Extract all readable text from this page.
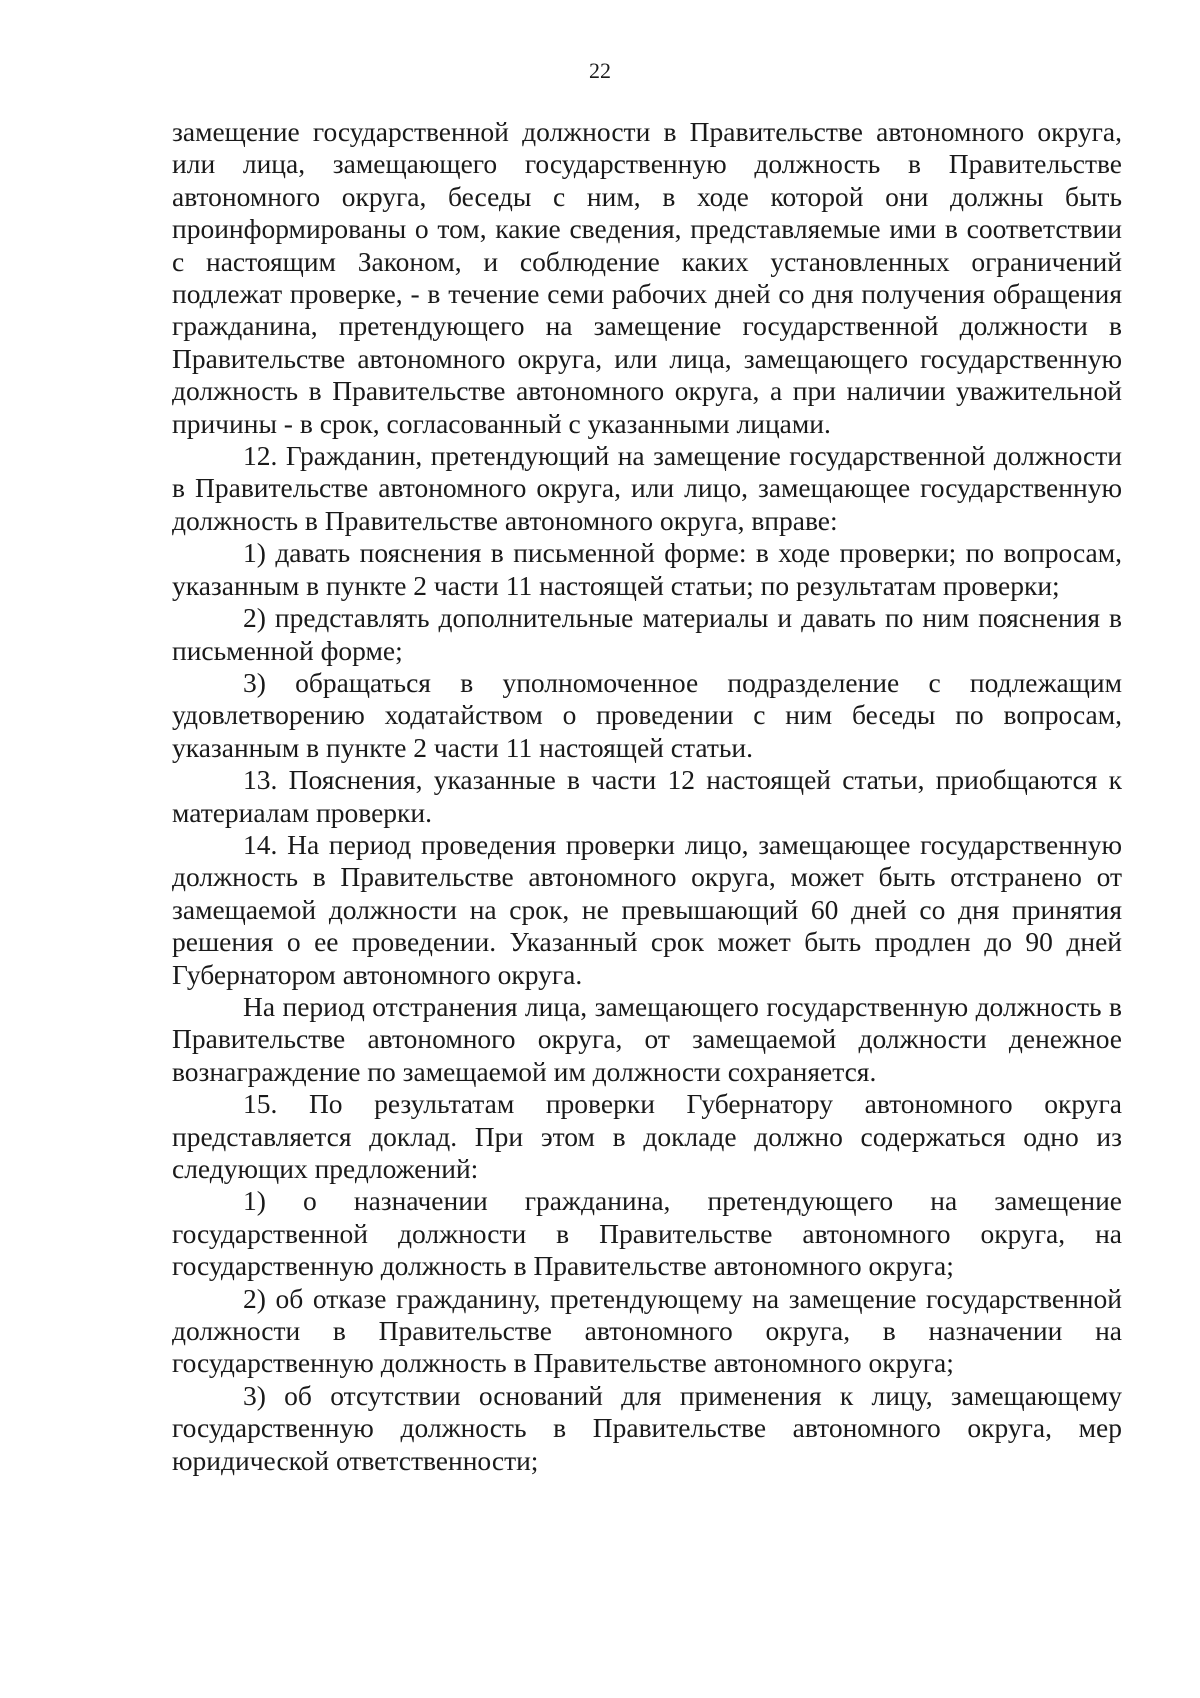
22

замещение государственной должности в Правительстве автономного округа, или лица, замещающего государственную должность в Правительстве автономного округа, беседы с ним, в ходе которой они должны быть проинформированы о том, какие сведения, представляемые ими в соответствии с настоящим Законом, и соблюдение каких установленных ограничений подлежат проверке, - в течение семи рабочих дней со дня получения обращения гражданина, претендующего на замещение государственной должности в Правительстве автономного округа, или лица, замещающего государственную должность в Правительстве автономного округа, а при наличии уважительной причины - в срок, согласованный с указанными лицами.

12. Гражданин, претендующий на замещение государственной должности в Правительстве автономного округа, или лицо, замещающее государственную должность в Правительстве автономного округа, вправе:

1) давать пояснения в письменной форме: в ходе проверки; по вопросам, указанным в пункте 2 части 11 настоящей статьи; по результатам проверки;

2) представлять дополнительные материалы и давать по ним пояснения в письменной форме;

3) обращаться в уполномоченное подразделение с подлежащим удовлетворению ходатайством о проведении с ним беседы по вопросам, указанным в пункте 2 части 11 настоящей статьи.

13. Пояснения, указанные в части 12 настоящей статьи, приобщаются к материалам проверки.

14. На период проведения проверки лицо, замещающее государственную должность в Правительстве автономного округа, может быть отстранено от замещаемой должности на срок, не превышающий 60 дней со дня принятия решения о ее проведении. Указанный срок может быть продлен до 90 дней Губернатором автономного округа.

На период отстранения лица, замещающего государственную должность в Правительстве автономного округа, от замещаемой должности денежное вознаграждение по замещаемой им должности сохраняется.

15. По результатам проверки Губернатору автономного округа представляется доклад. При этом в докладе должно содержаться одно из следующих предложений:

1) о назначении гражданина, претендующего на замещение государственной должности в Правительстве автономного округа, на государственную должность в Правительстве автономного округа;

2) об отказе гражданину, претендующему на замещение государственной должности в Правительстве автономного округа, в назначении на государственную должность в Правительстве автономного округа;

3) об отсутствии оснований для применения к лицу, замещающему государственную должность в Правительстве автономного округа, мер юридической ответственности;
